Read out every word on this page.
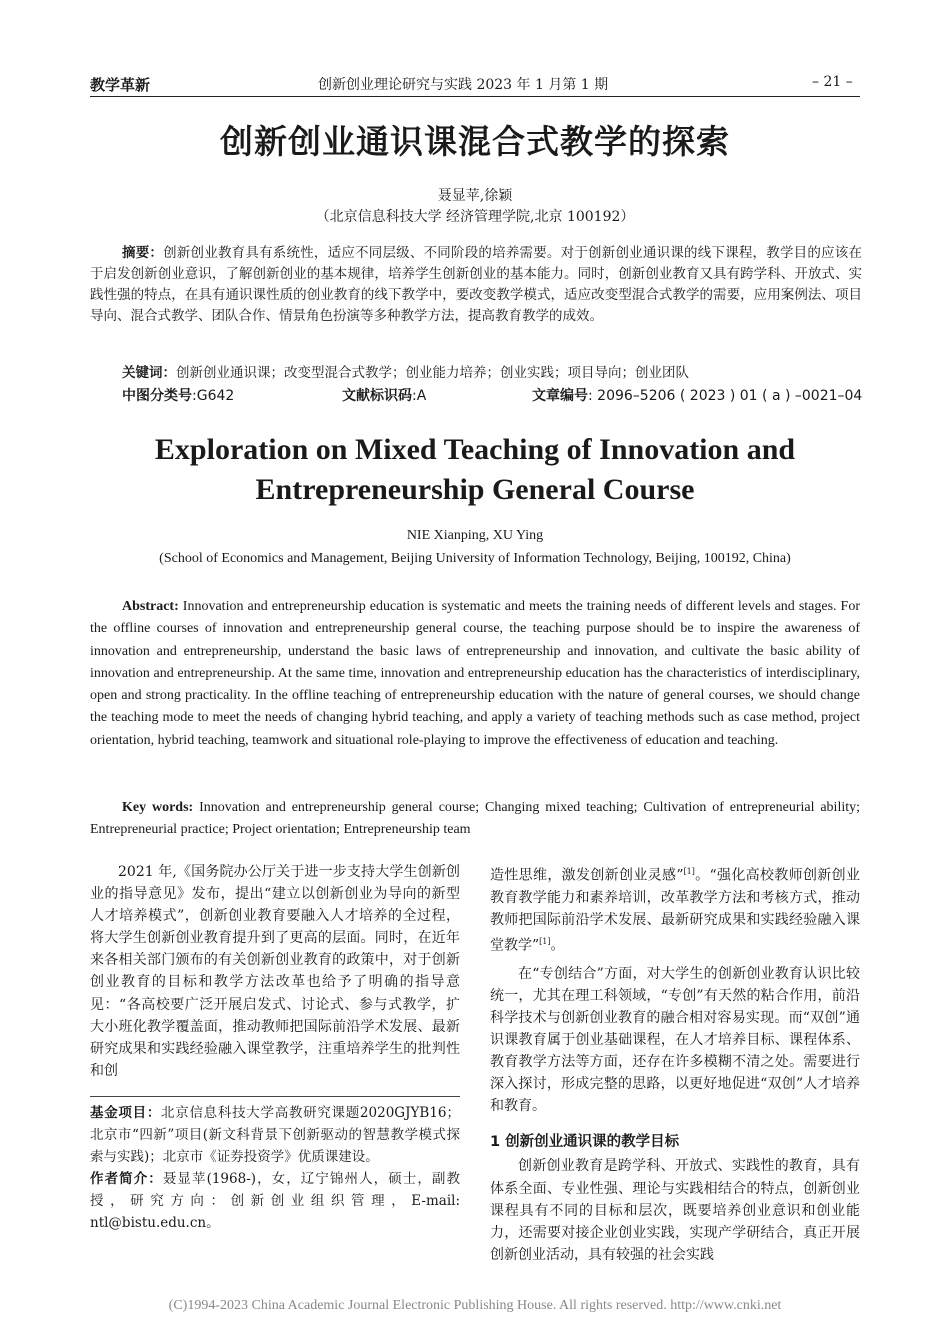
教学革新	创新创业理论研究与实践 2023 年 1 月第 1 期	– 21 –
创新创业通识课混合式教学的探索
聂显苹,徐颖
（北京信息科技大学 经济管理学院,北京 100192）
摘要：创新创业教育具有系统性，适应不同层级、不同阶段的培养需要。对于创新创业通识课的线下课程，教学目的应该在于启发创新创业意识，了解创新创业的基本规律，培养学生创新创业的基本能力。同时，创新创业教育又具有跨学科、开放式、实践性强的特点，在具有通识课性质的创业教育的线下教学中，要改变教学模式，适应改变型混合式教学的需要，应用案例法、项目导向、混合式教学、团队合作、情景角色扮演等多种教学方法，提高教育教学的成效。
关键词：创新创业通识课；改变型混合式教学；创业能力培养；创业实践；项目导向；创业团队
中图分类号:G642	文献标识码:A	文章编号: 2096–5206 ( 2023 ) 01 ( a ) –0021–04
Exploration on Mixed Teaching of Innovation and Entrepreneurship General Course
NIE Xianping, XU Ying
(School of Economics and Management, Beijing University of Information Technology, Beijing, 100192, China)
Abstract: Innovation and entrepreneurship education is systematic and meets the training needs of different levels and stages. For the offline courses of innovation and entrepreneurship general course, the teaching purpose should be to inspire the awareness of innovation and entrepreneurship, understand the basic laws of entrepreneurship and innovation, and cultivate the basic ability of innovation and entrepreneurship. At the same time, innovation and entrepreneurship education has the characteristics of interdisciplinary, open and strong practicality. In the offline teaching of entrepreneurship education with the nature of general courses, we should change the teaching mode to meet the needs of changing hybrid teaching, and apply a variety of teaching methods such as case method, project orientation, hybrid teaching, teamwork and situational role-playing to improve the effectiveness of education and teaching.
Key words: Innovation and entrepreneurship general course; Changing mixed teaching; Cultivation of entrepreneurial ability; Entrepreneurial practice; Project orientation; Entrepreneurship team

2021 年,《国务院办公厅关于进一步支持大学生创新创业的指导意见》发布，提出“建立以创新创业为导向的新型人才培养模式”，创新创业教育要融入人才培养的全过程，将大学生创新创业教育提升到了更高的层面。同时，在近年来各相关部门颁布的有关创新创业教育的政策中，对于创新创业教育的目标和教学方法改革也给予了明确的指导意见：“各高校要广泛开展启发式、讨论式、参与式教学，扩大小班化教学覆盖面，推动教师把国际前沿学术发展、最新研究成果和实践经验融入课堂教学，注重培养学生的批判性和创

基金项目：北京信息科技大学高教研究课题2020GJYB16；北京市“四新”项目(新文科背景下创新驱动的智慧教学模式探索与实践)；北京市《证券投资学》优质课建设。

作者简介：聂显苹(1968-)，女，辽宁锦州人，硕士，副教授，研究方向：创新创业组织管理，E-mail: ntl@bistu.edu.cn。

造性思维，激发创新创业灵感”[1]。“强化高校教师创新创业教育教学能力和素养培训，改革教学方法和考核方式，推动教师把国际前沿学术发展、最新研究成果和实践经验融入课堂教学”[1]。

在“专创结合”方面，对大学生的创新创业教育认识比较统一，尤其在理工科领域，“专创”有天然的粘合作用，前沿科学技术与创新创业教育的融合相对容易实现。而“双创”通识课教育属于创业基础课程，在人才培养目标、课程体系、教育教学方法等方面，还存在许多模糊不清之处。需要进行深入探讨，形成完整的思路，以更好地促进“双创”人才培养和教育。

1 创新创业通识课的教学目标

创新创业教育是跨学科、开放式、实践性的教育，具有体系全面、专业性强、理论与实践相结合的特点，创新创业课程具有不同的目标和层次，既要培养创业意识和创业能力，还需要对接企业创业实践，实现产学研结合，真正开展创新创业活动，具有较强的社会实践

(C)1994-2023 China Academic Journal Electronic Publishing House. All rights reserved. http://www.cnki.net
